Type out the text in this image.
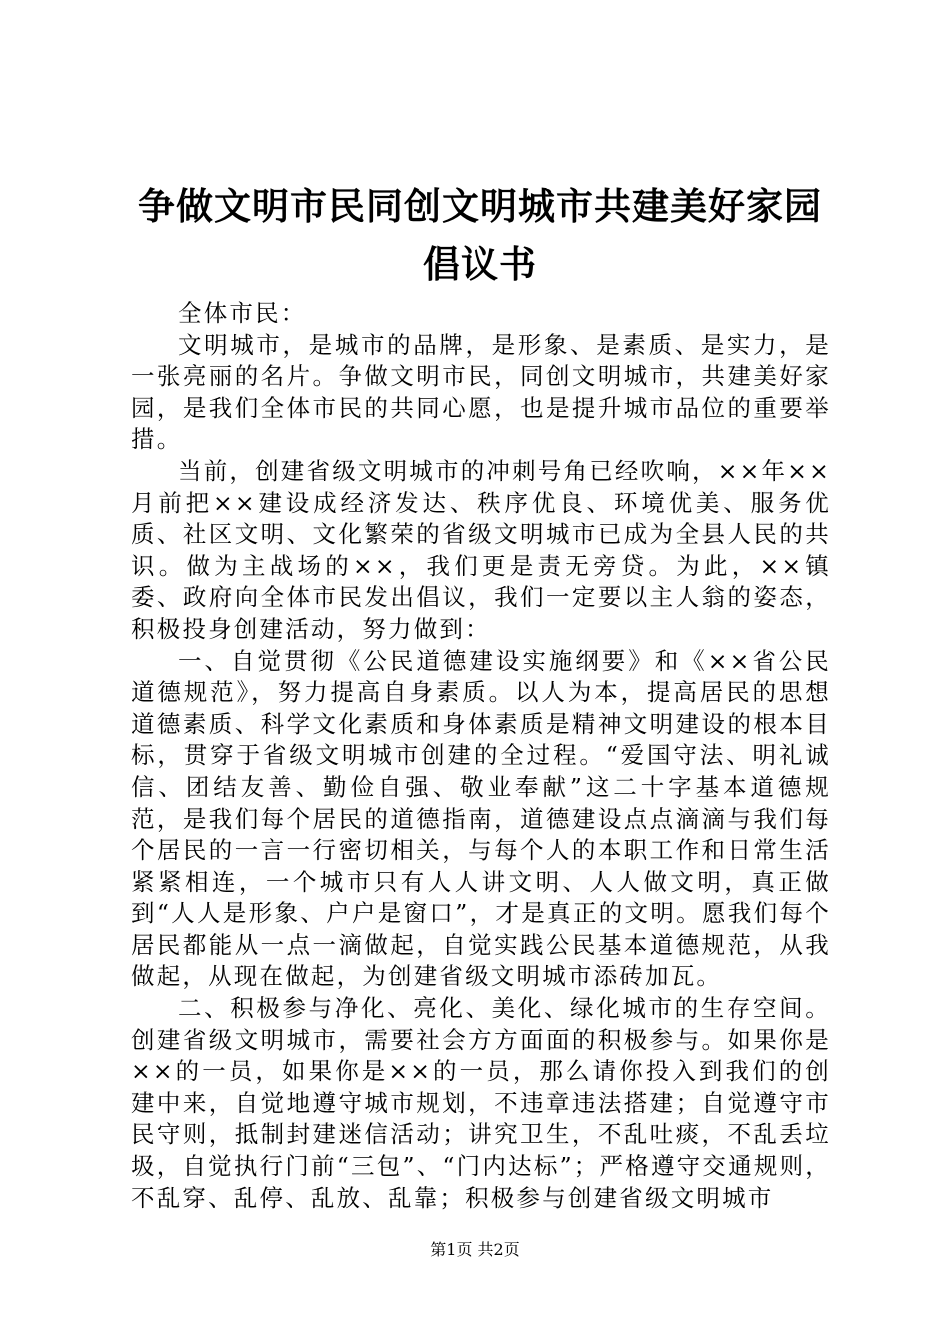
争做文明市民同创文明城市共建美好家园倡议书

全体市民：

文明城市，是城市的品牌，是形象、是素质、是实力，是一张亮丽的名片。争做文明市民，同创文明城市，共建美好家园，是我们全体市民的共同心愿，也是提升城市品位的重要举措。

当前，创建省级文明城市的冲刺号角已经吹响，××年××月前把××建设成经济发达、秩序优良、环境优美、服务优质、社区文明、文化繁荣的省级文明城市已成为全县人民的共识。做为主战场的××，我们更是责无旁贷。为此，××镇委、政府向全体市民发出倡议，我们一定要以主人翁的姿态，积极投身创建活动，努力做到：

一、自觉贯彻《公民道德建设实施纲要》和《××省公民道德规范》，努力提高自身素质。以人为本，提高居民的思想道德素质、科学文化素质和身体素质是精神文明建设的根本目标，贯穿于省级文明城市创建的全过程。“爱国守法、明礼诚信、团结友善、勤俭自强、敬业奉献”这二十字基本道德规范，是我们每个居民的道德指南，道德建设点点滴滴与我们每个居民的一言一行密切相关，与每个人的本职工作和日常生活紧紧相连，一个城市只有人人讲文明、人人做文明，真正做到“人人是形象、户户是窗口”，才是真正的文明。愿我们每个居民都能从一点一滴做起，自觉实践公民基本道德规范，从我做起，从现在做起，为创建省级文明城市添砖加瓦。

二、积极参与净化、亮化、美化、绿化城市的生存空间。创建省级文明城市，需要社会方方面面的积极参与。如果你是××的一员，如果你是××的一员，那么请你投入到我们的创建中来，自觉地遵守城市规划，不违章违法搭建；自觉遵守市民守则，抵制封建迷信活动；讲究卫生，不乱吐痰，不乱丢垃圾，自觉执行门前“三包”、“门内达标”；严格遵守交通规则，不乱穿、乱停、乱放、乱靠；积极参与创建省级文明城市

第1页 共2页
